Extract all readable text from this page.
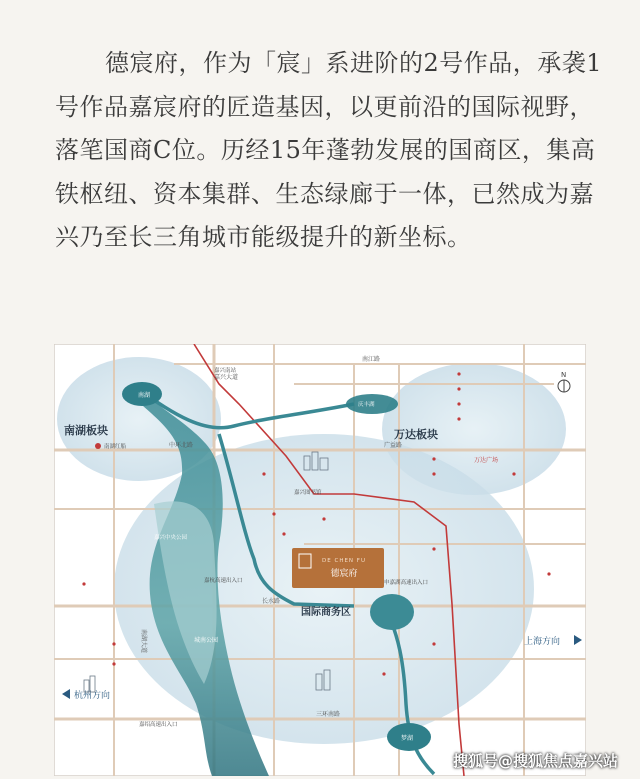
德宸府，作为「宸」系进阶的2号作品，承袭1
号作品嘉宸府的匠造基因，以更前沿的国际视野，
落笔国商C位。历经15年蓬勃发展的国商区，集高
铁枢纽、资本集群、生态绿廊于一体，已然成为嘉
兴乃至长三角城市能级提升的新坐标。
德宸府
DE CHEN FU
南湖板块	万达板块
国际商务区
中环北路
长水路
三环南路
广益路
南江路
嘉兴大道
南湖大道
南湖
南湖红船
万达广场
嘉兴中央公园
庆丰湖
梦湖
城南公园
嘉绍高速出入口
嘉杭高速出入口	申嘉湖高速出入口
嘉兴图书馆
嘉兴南站	N
杭州方向
上海方向
搜狐号@搜狐焦点嘉兴站
